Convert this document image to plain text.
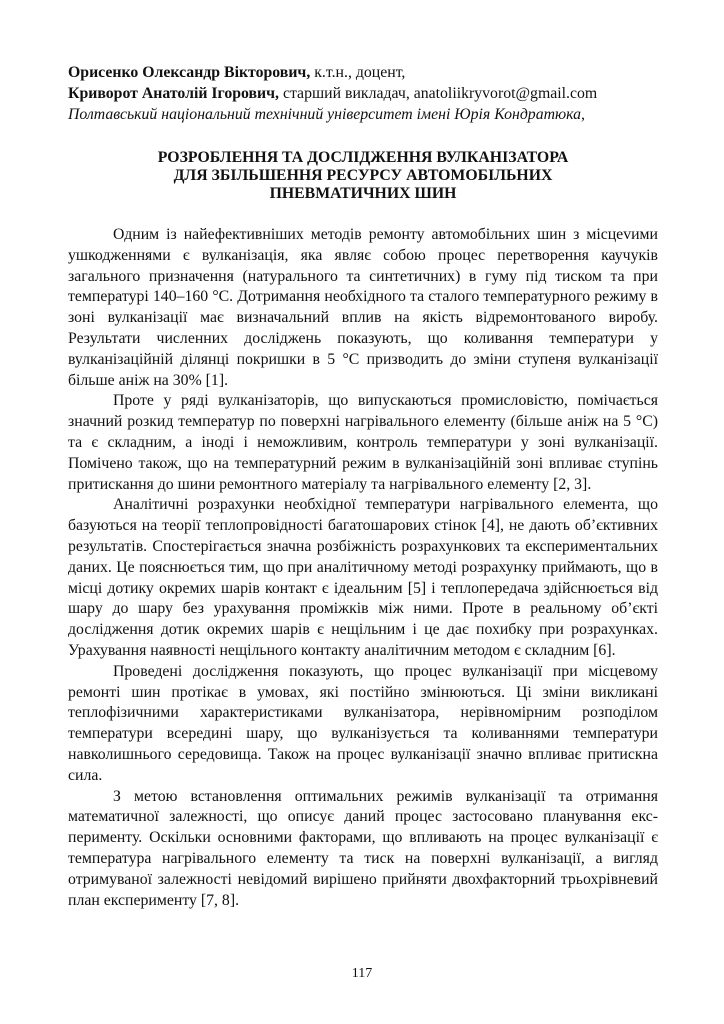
Орисенко Олександр Вікторович, к.т.н., доцент,
Криворот Анатолій Ігорович, старший викладач, anatoliikryvorot@gmail.com
Полтавський національний технічний університет імені Юрія Кондратюка,
РОЗРОБЛЕННЯ ТА ДОСЛІДЖЕННЯ ВУЛКАНІЗАТОРА
ДЛЯ ЗБІЛЬШЕННЯ РЕСУРСУ АВТОМОБІЛЬНИХ
ПНЕВМАТИЧНИХ ШИН

Одним із найефективніших методів ремонту автомобільних шин з місцеvими ушкодженнями є вулканізація, яка являє собою процес перетворення каучуків загального призначення (натурального та синтетичних) в гуму під тиском та при температурі 140–160 °С. Дотримання необхідного та сталого температурного режиму в зоні вулканізації має визначальний вплив на якість відремонтованого виробу. Результати численних досліджень показують, що коливання температури у вулканізаційній ділянці покришки в 5 °С призводить до зміни ступеня вулканізації більше аніж на 30% [1].

Проте у ряді вулканізаторів, що випускаються промисловістю, помічається значний розкид температур по поверхні нагрівального елементу (більше аніж на 5 °С) та є складним, а іноді і неможливим, контроль температури у зоні вулканізації. Помічено також, що на температурний режим в вулканізаційній зоні впливає ступінь притискання до шини ремонтного матеріалу та нагрівального елементу [2, 3].

Аналітичні розрахунки необхідної температури нагрівального елемента, що базуються на теорії теплопровідності багатошарових стінок [4], не дають об’єктивних результатів. Спостерігається значна розбіжність розрахункових та експериментальних даних. Це пояснюється тим, що при аналітичному методі розрахунку приймають, що в місці дотику окремих шарів контакт є ідеальним [5] і теплопередача здійснюється від шару до шару без урахування проміжків між ними. Проте в реальному об’єкті дослідження дотик окремих шарів є нещільним і це дає похибку при розрахунках. Урахування наявності нещільного контакту аналітичним методом є складним [6].

Проведені дослідження показують, що процес вулканізації при місцевому ремонті шин протікає в умовах, які постійно змінюються. Ці зміни викликані теплофізичними характеристиками вулканізатора, нерівномірним розподілом температури всередині шару, що вулканізується та коливаннями температури навколишнього середовища. Також на процес вулканізації значно впливає притискна сила.

З метою встановлення оптимальних режимів вулканізації та отримання математичної залежності, що описує даний процес застосовано планування експерименту. Оскільки основними факторами, що впливають на процес вулканізації є температура нагрівального елементу та тиск на поверхні вулканізації, а вигляд отримуваної залежності невідомий вирішено прийняти двохфакторний трьохрівневий план експерименту [7, 8].

117
